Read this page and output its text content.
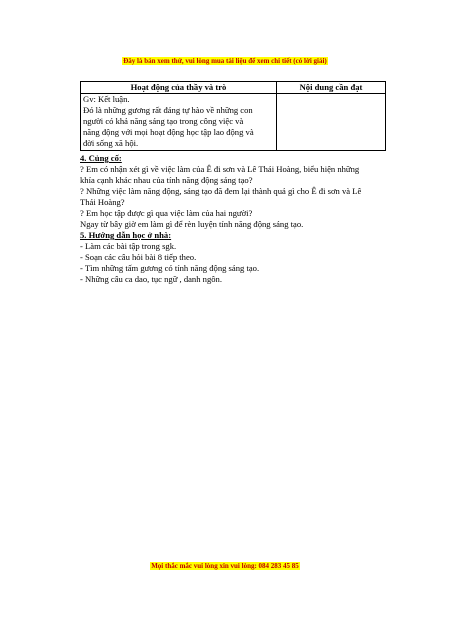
Đây là bản xem thử, vui lòng mua tài liệu để xem chi tiết (có lời giải)
Hoạt động của thầy và trò	Nội dung cần đạt

Gv: Kết luận.

Đó là những gương rất đáng tự hào về những con

người có khả năng sáng tạo trong công việc và

năng động với mọi hoạt động học tập lao động và

đời sống xã hội.	

4. Củng cố:
? Em có nhận xét gì về việc làm của Ê đi sơn và Lê Thái Hoàng, biểu hiện những
khía cạnh khác nhau của tính năng động sáng tạo?
? Những việc làm năng động, sáng tạo đã đem lại thành quả gì cho Ê đi sơn và Lê
Thái Hoàng?
? Em học tập được gì qua việc làm của hai người?
Ngay từ bây giờ em làm gì để rèn luyện tính năng động sáng tạo.
5. Hướng dẫn học ở nhà:
- Làm các bài tập trong sgk.
- Soạn các câu hỏi bài 8 tiếp theo.
- Tìm những tấm gương có tính năng động sáng tạo.
- Những câu ca dao, tục ngữ , danh ngôn.
Mọi thắc mắc vui lòng xin vui lòng: 084 283 45 85
